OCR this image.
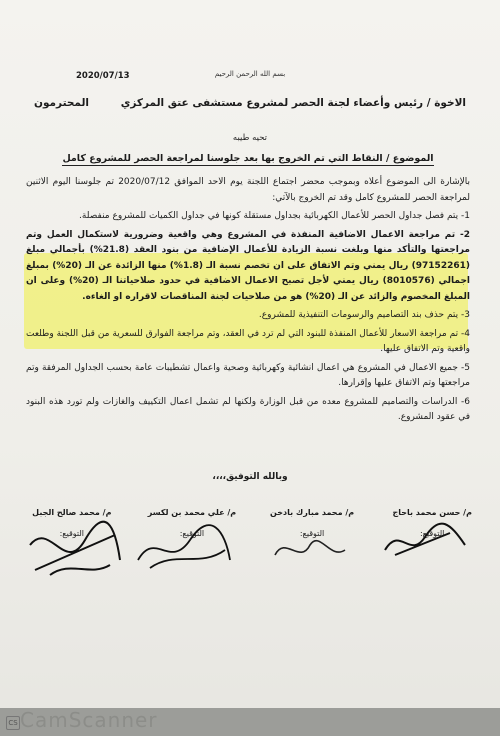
بسم الله الرحمن الرحيم
2020/07/13
الاخوة / رئيس وأعضاء لجنة الحصر لمشروع مستشفى عتق المركزي
المحترمون
تحيه طيبه
الموضوع / النقاط التي تم الخروج بها بعد جلوسنا لمراجعة الحصر للمشروع كامل

بالإشارة الى الموضوع أعلاه وبموجب محضر اجتماع اللجنة يوم الاحد الموافق 2020/07/12 تم جلوسنا اليوم الاثنين لمراجعة الحصر للمشروع كامل وقد تم الخروج بالآتي:

1- يتم فصل جداول الحصر للأعمال الكهربائية بجداول مستقلة كونها في جداول الكميات للمشروع منفصلة.

2- تم مراجعة الاعمال الاضافية المنفذة في المشروع وهي واقعية وضرورية لاستكمال العمل وتم مراجعتها والتأكد منها وبلغت نسبة الزيادة للأعمال الإضافية من بنود العقد (21.8%) بأجمالي مبلغ (97152261) ريال يمني وتم الاتفاق على ان تخصم نسبة الـ (1.8%) منها الزائدة عن الـ (20%) بمبلغ اجمالي (8010576) ريال يمني لأجل تصبح الاعمال الاضافية في حدود صلاحياتنا الـ (20%) وعلى ان المبلغ المخصوم والزائد عن الـ (20%) هو من صلاحيات لجنة المناقصات لاقراره او الغاءه.

3- يتم حذف بند التصاميم والرسومات التنفيذية للمشروع.

4- تم مراجعة الاسعار للأعمال المنفذة للبنود التي لم ترد في العقد، وتم مراجعة الفوارق للسعرية من قبل اللجنة وطلعت واقعية وتم الاتفاق عليها.

5- جميع الاعمال في المشروع هي اعمال انشائية وكهربائية وصحية واعمال تشطيبات عامة بحسب الجداول المرفقة وتم مراجعتها وتم الاتفاق عليها وإقرارها.

6- الدراسات والتصاميم للمشروع معده من قبل الوزارة ولكنها لم تشمل اعمال التكييف والغازات ولم تورد هذه البنود في عقود المشروع.

وبالله التوفيق،،،،
م/ حسن محمد باحاج
التوقيع:
م/ محمد مبارك بادخن
التوقيع:
م/ علي محمد بن لكسر
التوقيع:
م/ محمد صالح الجبل
التوقيع:
CamScanner
CS
